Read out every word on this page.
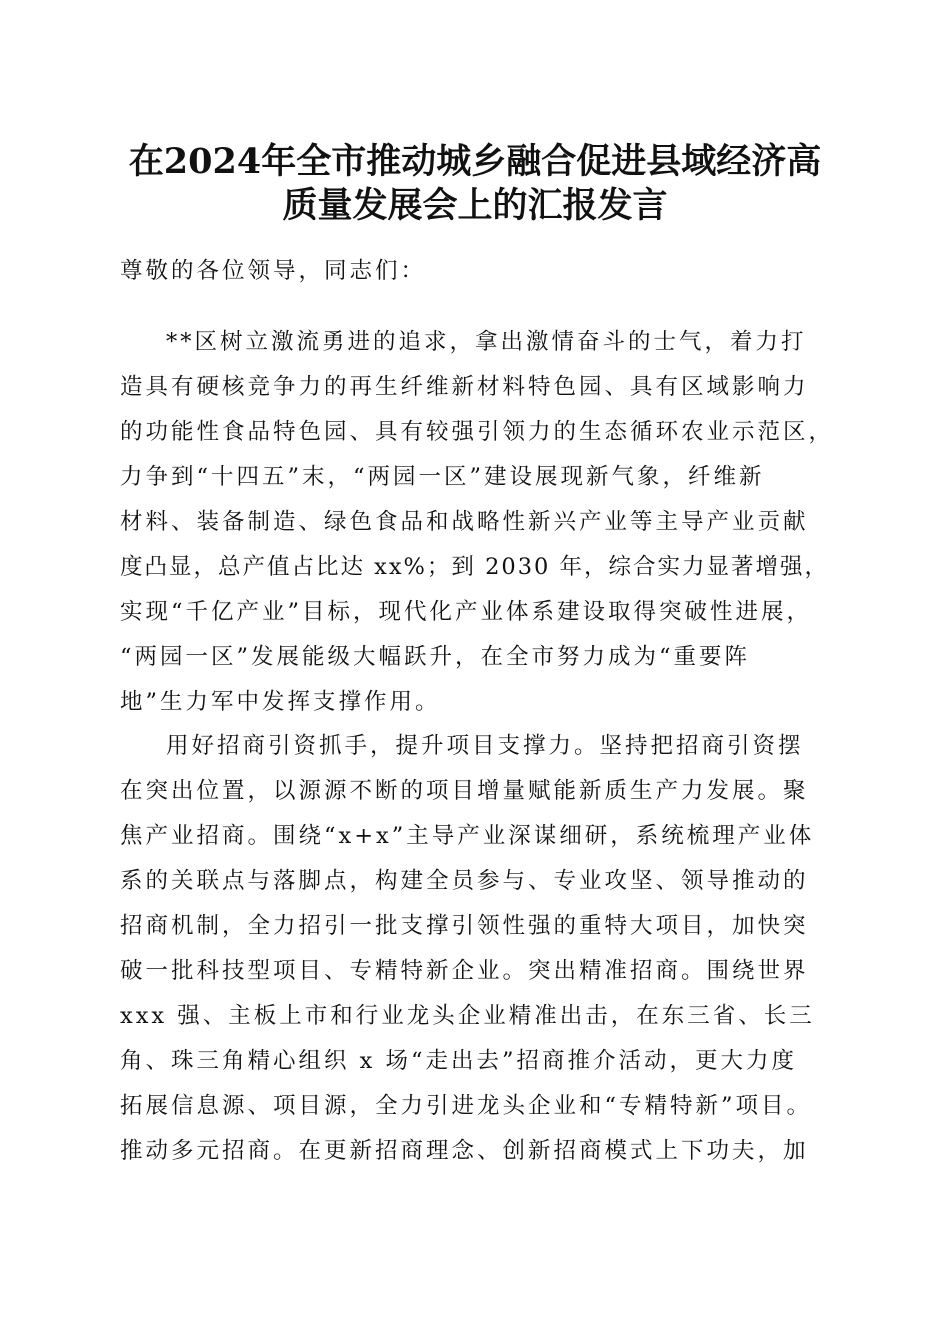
在2024年全市推动城乡融合促进县域经济高
质量发展会上的汇报发言
尊敬的各位领导，同志们：
**区树立激流勇进的追求，拿出激情奋斗的士气，着力打
造具有硬核竞争力的再生纤维新材料特色园、具有区域影响力
的功能性食品特色园、具有较强引领力的生态循环农业示范区，
力争到“十四五”末，“两园一区”建设展现新气象，纤维新
材料、装备制造、绿色食品和战略性新兴产业等主导产业贡献
度凸显，总产值占比达 xx%；到 2030 年，综合实力显著增强，
实现“千亿产业”目标，现代化产业体系建设取得突破性进展，
“两园一区”发展能级大幅跃升，在全市努力成为“重要阵
地”生力军中发挥支撑作用。
用好招商引资抓手，提升项目支撑力。坚持把招商引资摆
在突出位置，以源源不断的项目增量赋能新质生产力发展。聚
焦产业招商。围绕“x+x”主导产业深谋细研，系统梳理产业体
系的关联点与落脚点，构建全员参与、专业攻坚、领导推动的
招商机制，全力招引一批支撑引领性强的重特大项目，加快突
破一批科技型项目、专精特新企业。突出精准招商。围绕世界
xxx 强、主板上市和行业龙头企业精准出击，在东三省、长三
角、珠三角精心组织 x 场“走出去”招商推介活动，更大力度
拓展信息源、项目源，全力引进龙头企业和“专精特新”项目。
推动多元招商。在更新招商理念、创新招商模式上下功夫，加
